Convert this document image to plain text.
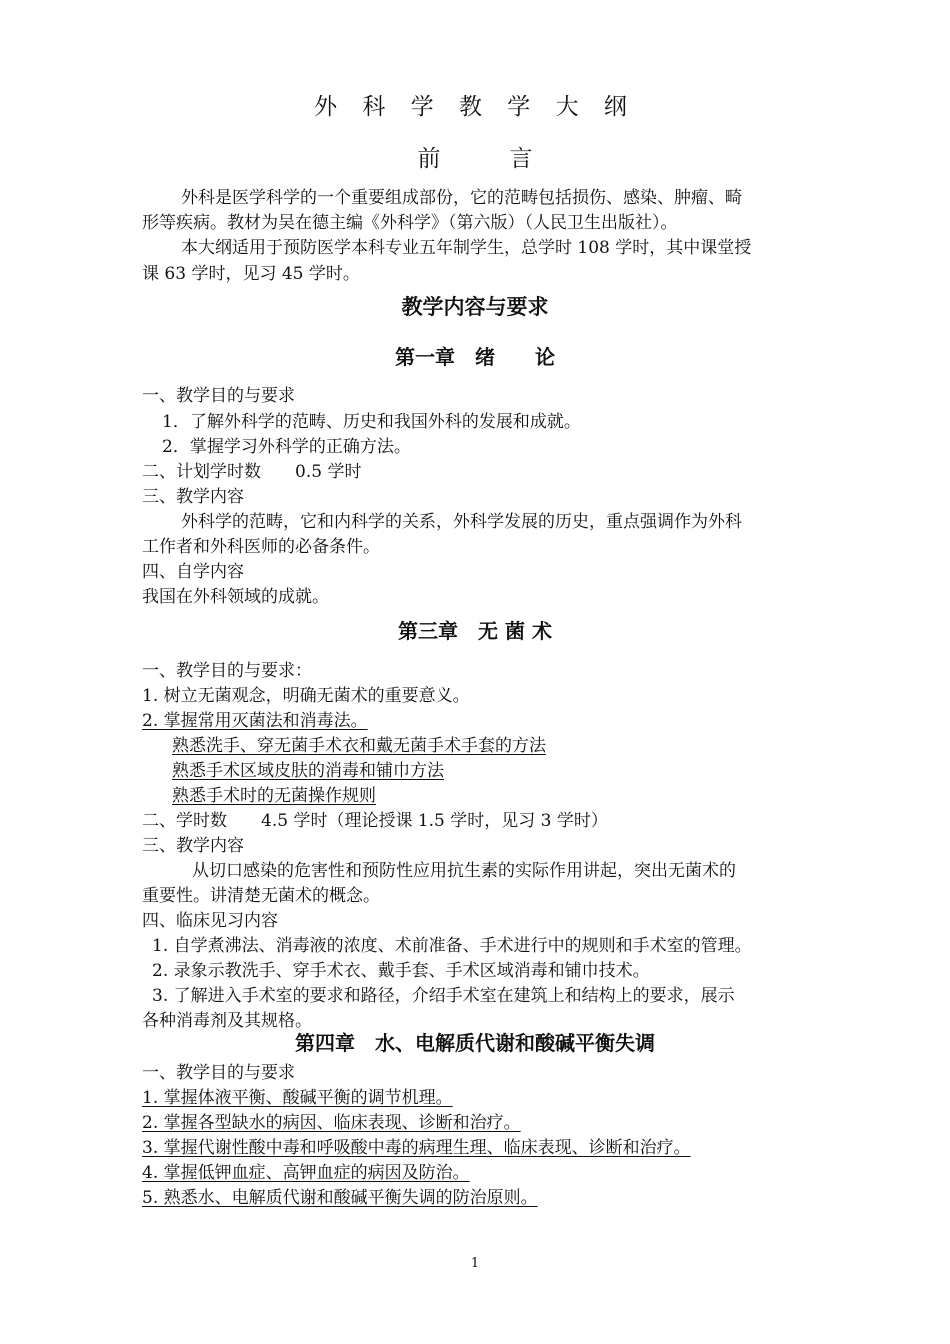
外 科 学 教 学 大 纲
前　　　言
外科是医学科学的一个重要组成部份，它的范畴包括损伤、感染、肿瘤、畸
形等疾病。教材为吴在德主编《外科学》（第六版）（人民卫生出版社）。
本大纲适用于预防医学本科专业五年制学生，总学时 108 学时，其中课堂授
课 63 学时，见习 45 学时。
教学内容与要求
第一章　绪　　论
一、教学目的与要求
1．了解外科学的范畴、历史和我国外科的发展和成就。
2．掌握学习外科学的正确方法。
二、计划学时数　　0.5 学时
三、教学内容
外科学的范畴，它和内科学的关系，外科学发展的历史，重点强调作为外科
工作者和外科医师的必备条件。
四、自学内容
我国在外科领域的成就。
第三章　无 菌 术
一、教学目的与要求：
1. 树立无菌观念，明确无菌术的重要意义。
2. 掌握常用灭菌法和消毒法。
熟悉洗手、穿无菌手术衣和戴无菌手术手套的方法
熟悉手术区域皮肤的消毒和铺巾方法
熟悉手术时的无菌操作规则
二、学时数　　4.5 学时（理论授课 1.5 学时，见习 3 学时）
三、教学内容
从切口感染的危害性和预防性应用抗生素的实际作用讲起，突出无菌术的
重要性。讲清楚无菌术的概念。
四、临床见习内容
1. 自学煮沸法、消毒液的浓度、术前准备、手术进行中的规则和手术室的管理。
2. 录象示教洗手、穿手术衣、戴手套、手术区域消毒和铺巾技术。
3. 了解进入手术室的要求和路径，介绍手术室在建筑上和结构上的要求，展示
各种消毒剂及其规格。
第四章　水、电解质代谢和酸碱平衡失调
一、教学目的与要求
1. 掌握体液平衡、酸碱平衡的调节机理。
2. 掌握各型缺水的病因、临床表现、诊断和治疗。
3. 掌握代谢性酸中毒和呼吸酸中毒的病理生理、临床表现、诊断和治疗。
4. 掌握低钾血症、高钾血症的病因及防治。
5. 熟悉水、电解质代谢和酸碱平衡失调的防治原则。
1
